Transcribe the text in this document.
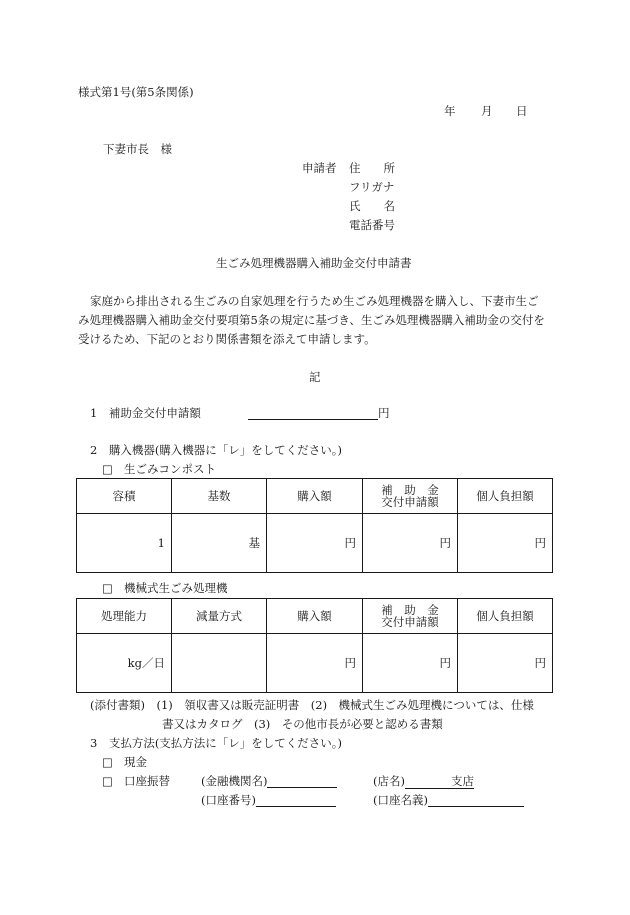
様式第1号(第5条関係)
年 月 日
下妻市長　様
申請者 住　　所
フリガナ
氏　　名
電話番号
生ごみ処理機器購入補助金交付申請書
家庭から排出される生ごみの自家処理を行うため生ごみ処理機器を購入し、下妻市生ご
み処理機器購入補助金交付要項第5条の規定に基づき、生ごみ処理機器購入補助金の交付を
受けるため、下記のとおり関係書類を添えて申請します。
記
1　補助金交付申請額	円
2　購入機器(購入機器に「レ」をしてください。)
□ 生ごみコンポスト
容積	基数	購入額	補　助　金
交付申請額	個人負担額
1	基	円	円	円
□ 機械式生ごみ処理機
処理能力	減量方式	購入額	補　助　金
交付申請額	個人負担額
kg／日		円	円	円
(添付書類)　(1)　領収書又は販売証明書　(2)　機械式生ごみ処理機については、仕様
書又はカタログ　(3)　その他市長が必要と認める書類
3　支払方法(支払方法に「レ」をしてください。)
□ 現金
□ 口座振替	(金融機関名)	(店名)	支店
(口座番号)	(口座名義)
